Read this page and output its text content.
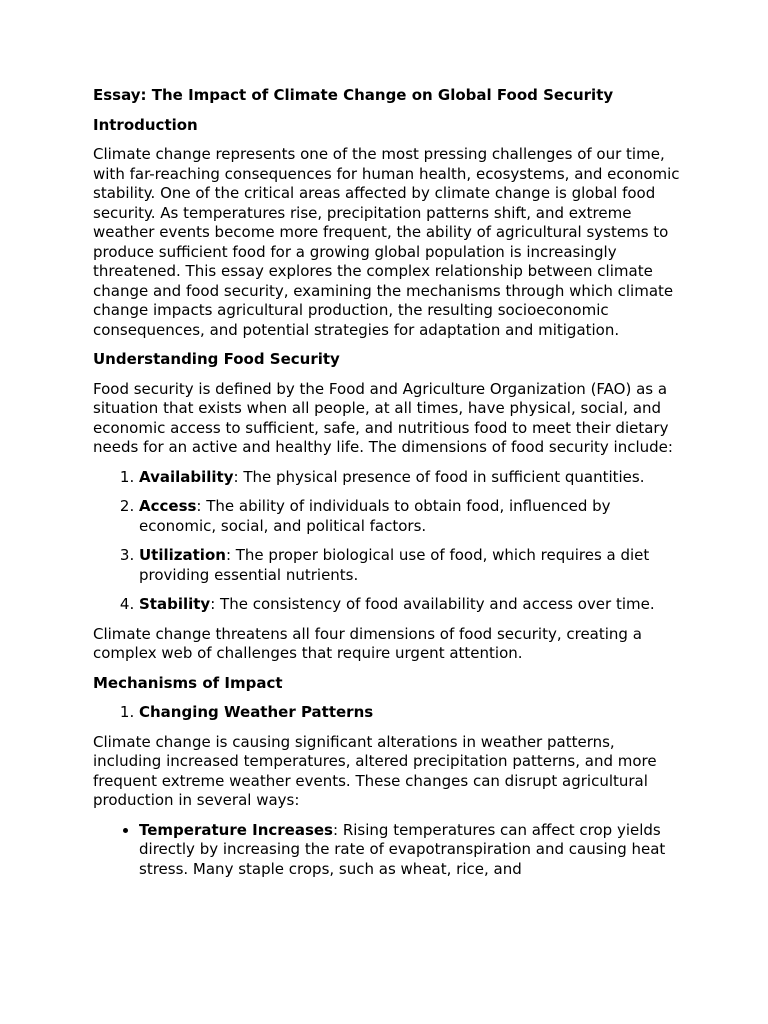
Essay: The Impact of Climate Change on Global Food Security
Introduction

Climate change represents one of the most pressing challenges of our time, with far-reaching consequences for human health, ecosystems, and economic stability. One of the critical areas affected by climate change is global food security. As temperatures rise, precipitation patterns shift, and extreme weather events become more frequent, the ability of agricultural systems to produce sufficient food for a growing global population is increasingly threatened. This essay explores the complex relationship between climate change and food security, examining the mechanisms through which climate change impacts agricultural production, the resulting socioeconomic consequences, and potential strategies for adaptation and mitigation.

Understanding Food Security

Food security is defined by the Food and Agriculture Organization (FAO) as a situation that exists when all people, at all times, have physical, social, and economic access to sufficient, safe, and nutritious food to meet their dietary needs for an active and healthy life. The dimensions of food security include:

1. Availability: The physical presence of food in sufficient quantities.
2. Access: The ability of individuals to obtain food, influenced by economic, social, and political factors.
3. Utilization: The proper biological use of food, which requires a diet providing essential nutrients.
4. Stability: The consistency of food availability and access over time.

Climate change threatens all four dimensions of food security, creating a complex web of challenges that require urgent attention.

Mechanisms of Impact
1. Changing Weather Patterns

Climate change is causing significant alterations in weather patterns, including increased temperatures, altered precipitation patterns, and more frequent extreme weather events. These changes can disrupt agricultural production in several ways:

• Temperature Increases: Rising temperatures can affect crop yields directly by increasing the rate of evapotranspiration and causing heat stress. Many staple crops, such as wheat, rice, and
